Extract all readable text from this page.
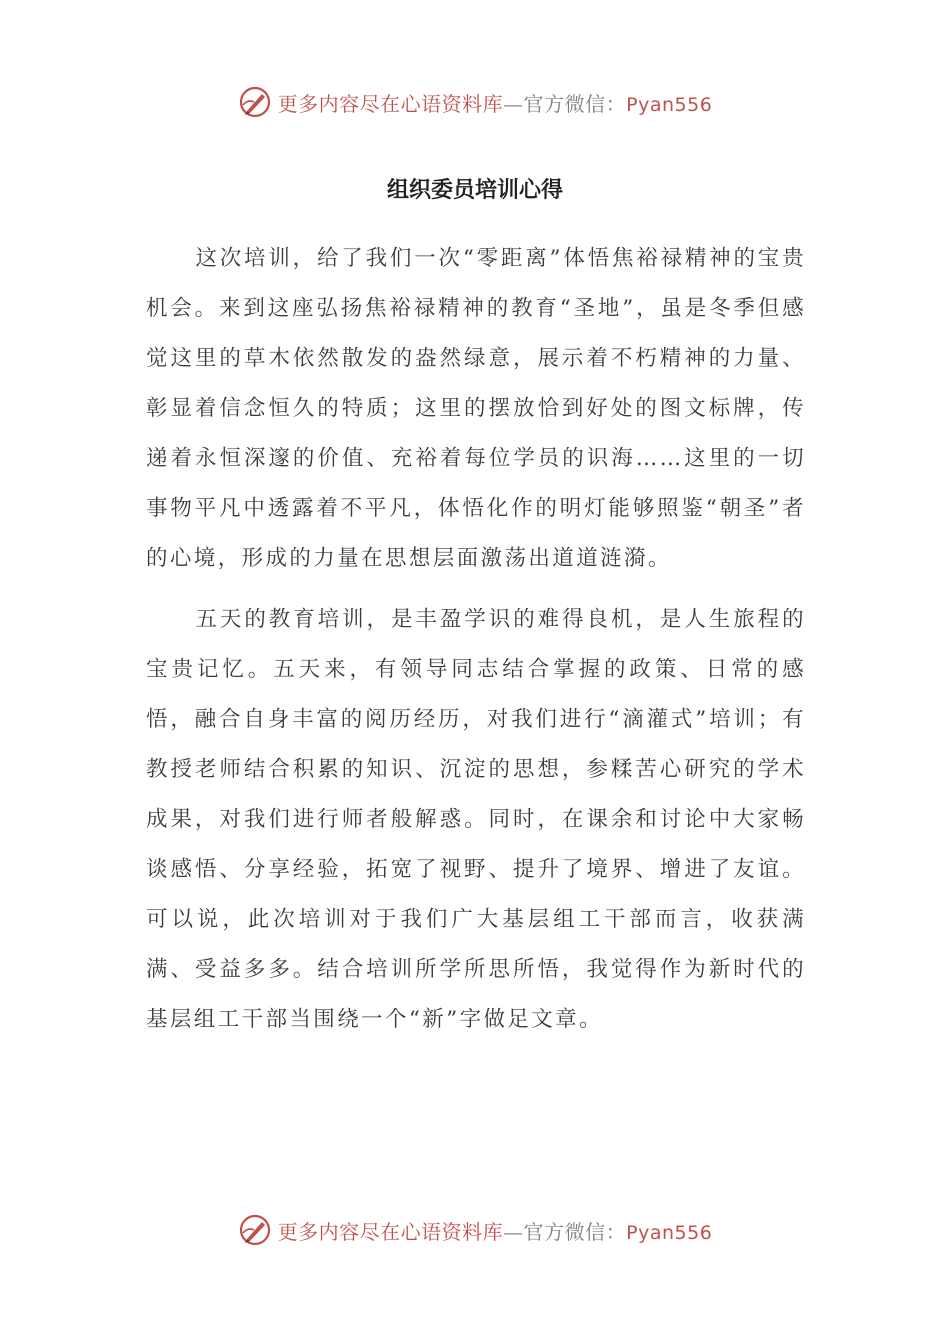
更多内容尽在心语资料库—官方微信：Pyan556
组织委员培训心得

这次培训，给了我们一次“零距离”体悟焦裕禄精神的宝贵机会。来到这座弘扬焦裕禄精神的教育“圣地”，虽是冬季但感觉这里的草木依然散发的盎然绿意，展示着不朽精神的力量、彰显着信念恒久的特质；这里的摆放恰到好处的图文标牌，传递着永恒深邃的价值、充裕着每位学员的识海……这里的一切事物平凡中透露着不平凡，体悟化作的明灯能够照鉴“朝圣”者的心境，形成的力量在思想层面激荡出道道涟漪。

五天的教育培训，是丰盈学识的难得良机，是人生旅程的宝贵记忆。五天来，有领导同志结合掌握的政策、日常的感悟，融合自身丰富的阅历经历，对我们进行“滴灌式”培训；有教授老师结合积累的知识、沉淀的思想，参糅苦心研究的学术成果，对我们进行师者般解惑。同时，在课余和讨论中大家畅谈感悟、分享经验，拓宽了视野、提升了境界、增进了友谊。可以说，此次培训对于我们广大基层组工干部而言，收获满满、受益多多。结合培训所学所思所悟，我觉得作为新时代的基层组工干部当围绕一个“新”字做足文章。

更多内容尽在心语资料库—官方微信：Pyan556
